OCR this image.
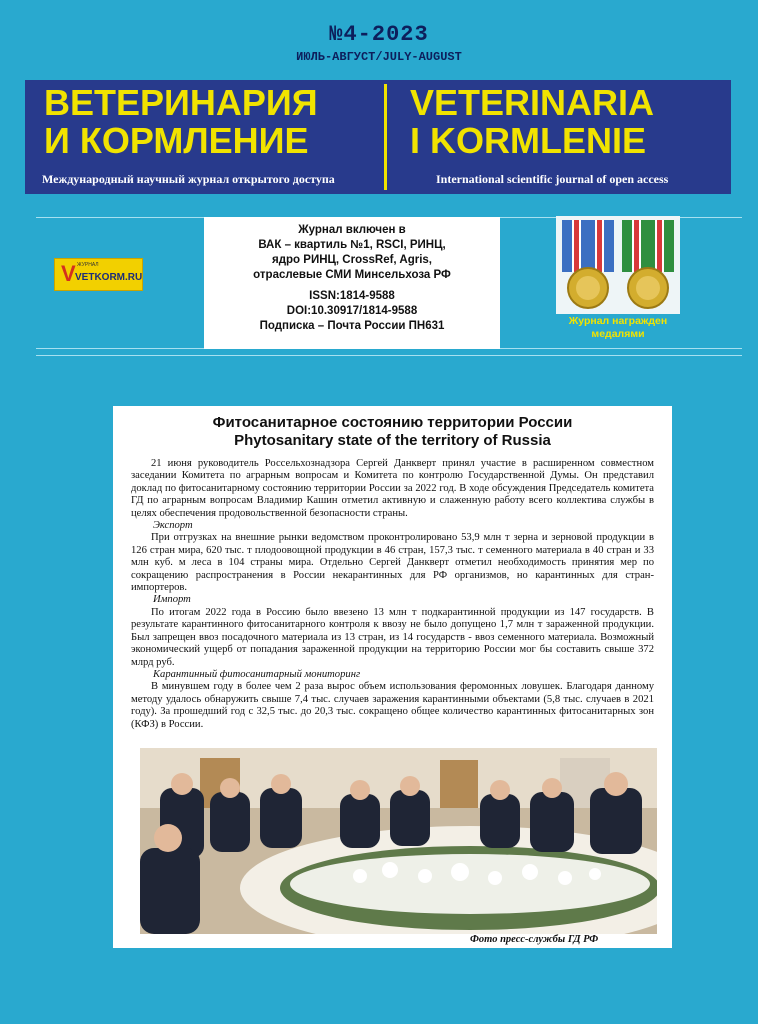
№4-2023
ИЮЛЬ-АВГУСТ/JULY-AUGUST
ВЕТЕРИНАРИЯ
И КОРМЛЕНИЕ
VETERINARIA
I KORMLENIE
Международный научный журнал открытого доступа	International scientific journal of open access
V ЖУРНАЛ
VETKORM.RU
Журнал включен в
ВАК – квартиль №1, RSCI, РИНЦ,
ядро РИНЦ, CrossRef, Agris,
отраслевые СМИ Минсельхоза РФ
ISSN:1814-9588
DOI:10.30917/1814-9588
Подписка – Почта России ПН631	Журнал награжден
медалями
Фитосанитарное состоянию территории России
Phytosanitary state of the territory of Russia

21 июня руководитель Россельхознадзора Сергей Данкверт принял участие в расширенном совместном заседании Комитета по аграрным вопросам и Комитета по контролю Государственной Думы. Он представил доклад по фитосанитарному состоянию территории России за 2022 год. В ходе обсуждения Председатель комитета ГД по аграрным вопросам Владимир Кашин отметил активную и слаженную работу всего коллектива службы в целях обеспечения продовольственной безопасности страны.

Экспорт

При отгрузках на внешние рынки ведомством проконтролировано 53,9 млн т зерна и зерновой продукции в 126 стран мира, 620 тыс. т плодоовощной продукции в 46 стран, 157,3 тыс. т семенного материала в 40 стран и 33 млн куб. м леса в 104 страны мира. Отдельно Сергей Данкверт отметил необходимость принятия мер по сокращению распространения в России некарантинных для РФ организмов, но карантинных для стран-импортеров.

Импорт

По итогам 2022 года в Россию было ввезено 13 млн т подкарантинной продукции из 147 государств. В результате карантинного фитосанитарного контроля к ввозу не было допущено 1,7 млн т зараженной продукции. Был запрещен ввоз посадочного материала из 13 стран, из 14 государств - ввоз семенного материала. Возможный экономический ущерб от попадания зараженной продукции на территорию России мог бы составить свыше 372 млрд руб.

Карантинный фитосанитарный мониторинг

В минувшем году в более чем 2 раза вырос объем использования феромонных ловушек. Благодаря данному методу удалось обнаружить свыше 7,4 тыс. случаев заражения карантинными объектами (5,8 тыс. случаев в 2021 году). За прошедший год с 32,5 тыс. до 20,3 тыс. сокращено общее количество карантинных фитосанитарных зон (КФЗ) в России.

Фото пресс-службы ГД РФ
